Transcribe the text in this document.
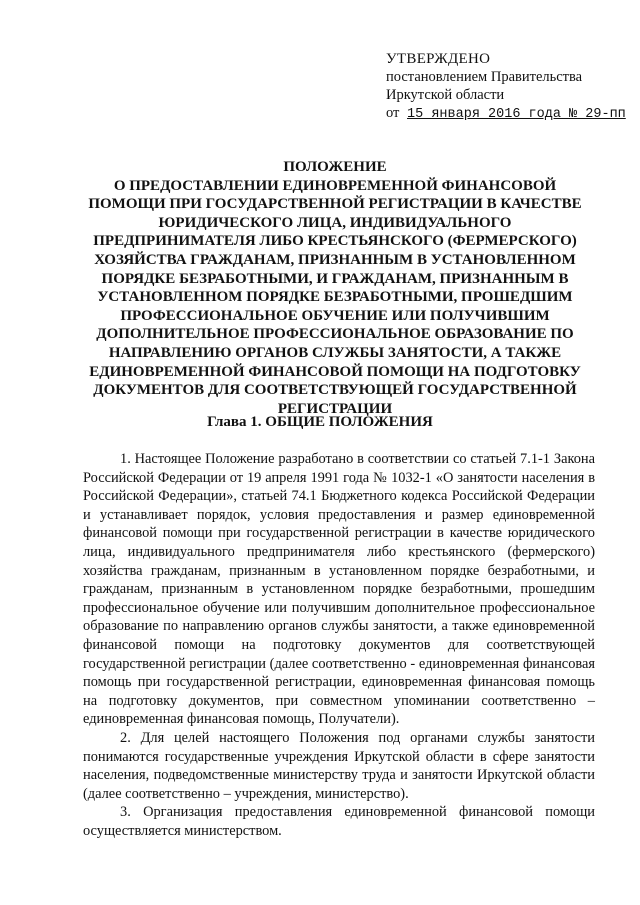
УТВЕРЖДЕНО
постановлением Правительства
Иркутской области
от 15 января 2016 года № 29-пп
ПОЛОЖЕНИЕ
О ПРЕДОСТАВЛЕНИИ ЕДИНОВРЕМЕННОЙ ФИНАНСОВОЙ
ПОМОЩИ ПРИ ГОСУДАРСТВЕННОЙ РЕГИСТРАЦИИ В КАЧЕСТВЕ
ЮРИДИЧЕСКОГО ЛИЦА, ИНДИВИДУАЛЬНОГО
ПРЕДПРИНИМАТЕЛЯ ЛИБО КРЕСТЬЯНСКОГО (ФЕРМЕРСКОГО)
ХОЗЯЙСТВА ГРАЖДАНАМ, ПРИЗНАННЫМ В УСТАНОВЛЕННОМ
ПОРЯДКЕ БЕЗРАБОТНЫМИ, И ГРАЖДАНАМ, ПРИЗНАННЫМ В
УСТАНОВЛЕННОМ ПОРЯДКЕ БЕЗРАБОТНЫМИ, ПРОШЕДШИМ
ПРОФЕССИОНАЛЬНОЕ ОБУЧЕНИЕ ИЛИ ПОЛУЧИВШИМ
ДОПОЛНИТЕЛЬНОЕ ПРОФЕССИОНАЛЬНОЕ ОБРАЗОВАНИЕ ПО
НАПРАВЛЕНИЮ ОРГАНОВ СЛУЖБЫ ЗАНЯТОСТИ, А ТАКЖЕ
ЕДИНОВРЕМЕННОЙ ФИНАНСОВОЙ ПОМОЩИ НА ПОДГОТОВКУ
ДОКУМЕНТОВ ДЛЯ СООТВЕТСТВУЮЩЕЙ ГОСУДАРСТВЕННОЙ
РЕГИСТРАЦИИ
Глава 1. ОБЩИЕ ПОЛОЖЕНИЯ

1. Настоящее Положение разработано в соответствии со статьей 7.1-1 Закона Российской Федерации от 19 апреля 1991 года № 1032-1 «О занятости населения в Российской Федерации», статьей 74.1 Бюджетного кодекса Российской Федерации и устанавливает порядок, условия предоставления и размер единовременной финансовой помощи при государственной регистрации в качестве юридического лица, индивидуального предпринимателя либо крестьянского (фермерского) хозяйства гражданам, признанным в установленном порядке безработными, и гражданам, признанным в установленном порядке безработными, прошедшим профессиональное обучение или получившим дополнительное профессиональное образование по направлению органов службы занятости, а также единовременной финансовой помощи на подготовку документов для соответствующей государственной регистрации (далее соответственно - единовременная финансовая помощь при государственной регистрации, единовременная финансовая помощь на подготовку документов, при совместном упоминании соответственно – единовременная финансовая помощь, Получатели).

2. Для целей настоящего Положения под органами службы занятости понимаются государственные учреждения Иркутской области в сфере занятости населения, подведомственные министерству труда и занятости Иркутской области (далее соответственно – учреждения, министерство).

3. Организация предоставления единовременной финансовой помощи осуществляется министерством.
